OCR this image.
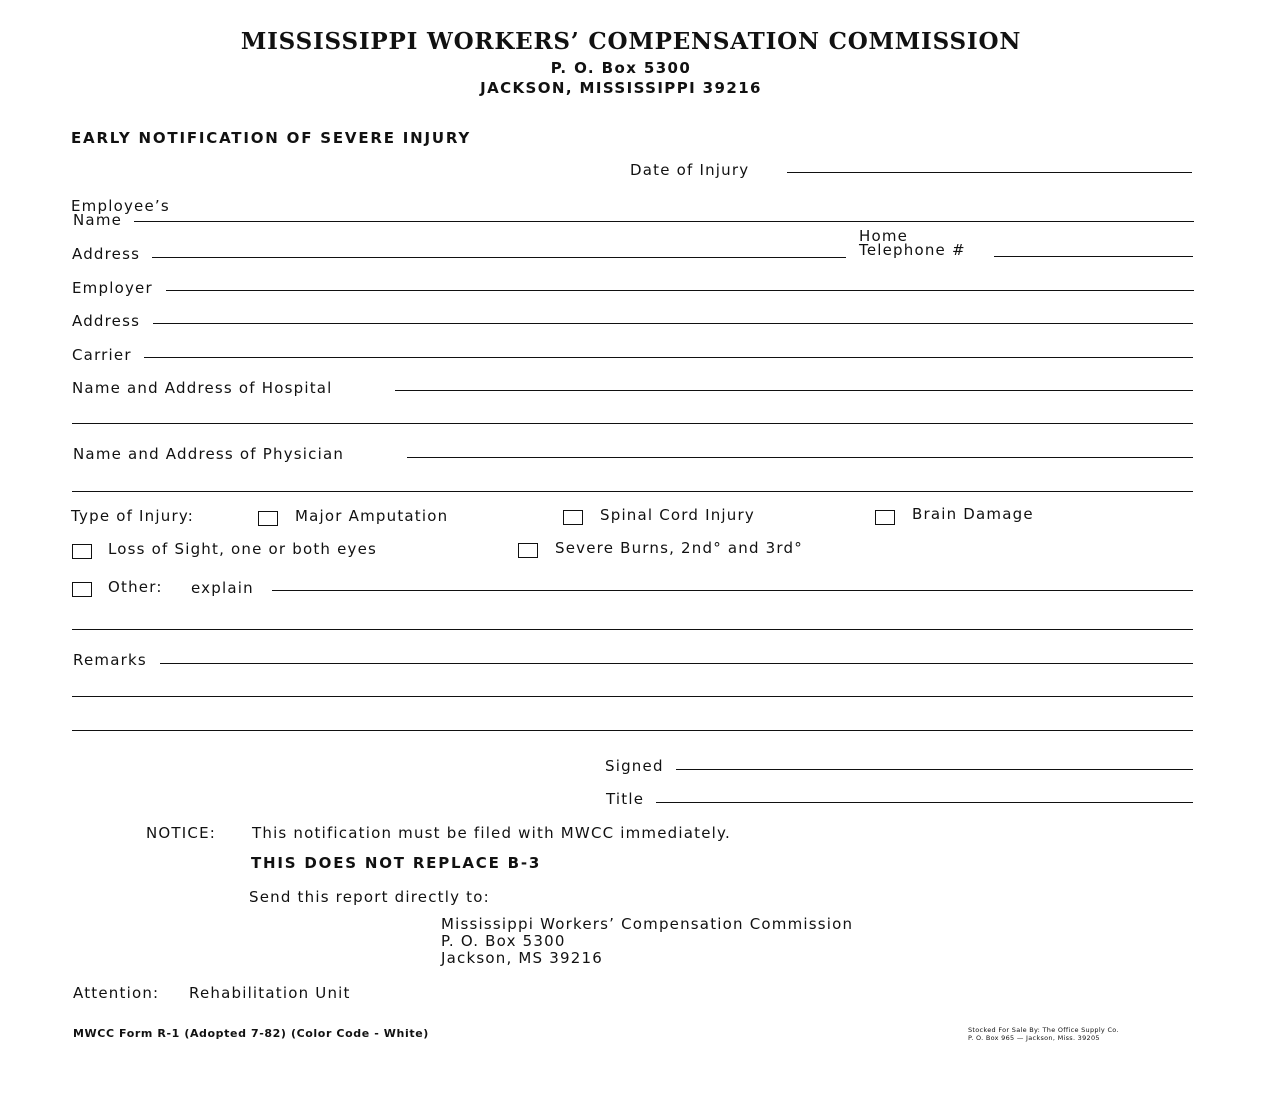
MISSISSIPPI WORKERS’ COMPENSATION COMMISSION
P. O. Box 5300
JACKSON, MISSISSIPPI 39216
EARLY NOTIFICATION OF SEVERE INJURY
Date of Injury
Employee’s
Name
Address
Home
Telephone #
Employer
Address
Carrier
Name and Address of Hospital
Name and Address of Physician
Type of Injury:	Major Amputation	Spinal Cord Injury	Brain Damage
Loss of Sight, one or both eyes	Severe Burns, 2nd° and 3rd°
Other: explain
Remarks
Signed
Title
NOTICE: This notification must be filed with MWCC immediately.
THIS DOES NOT REPLACE B-3
Send this report directly to:
Mississippi Workers’ Compensation Commission
P. O. Box 5300
Jackson, MS 39216
Attention: Rehabilitation Unit
MWCC Form R-1 (Adopted 7-82) (Color Code - White)	Stocked For Sale By: The Office Supply Co.
P. O. Box 965 — Jackson, Miss. 39205
